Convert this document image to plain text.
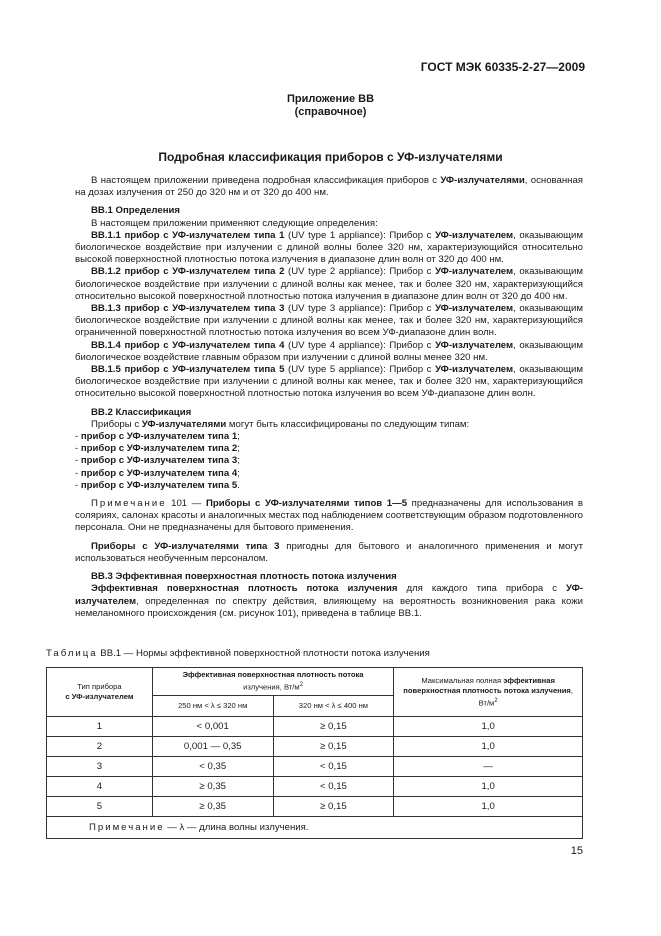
ГОСТ МЭК 60335-2-27—2009
Приложение ВВ
(справочное)
Подробная классификация приборов с УФ-излучателями

В настоящем приложении приведена подробная классификация приборов с УФ-излучателями, основанная на дозах излучения от 250 до 320 нм и от 320 до 400 нм.

ВВ.1 Определения

В настоящем приложении применяют следующие определения:

ВВ.1.1 прибор с УФ-излучателем типа 1 (UV type 1 appliance): Прибор с УФ-излучателем, оказывающим биологическое воздействие при излучении с длиной волны более 320 нм, характеризующийся относительно высокой поверхностной плотностью потока излучения в диапазоне длин волн от 320 до 400 нм.

ВВ.1.2 прибор с УФ-излучателем типа 2 (UV type 2 appliance): Прибор с УФ-излучателем, оказывающим биологическое воздействие при излучении с длиной волны как менее, так и более 320 нм, характеризующийся относительно высокой поверхностной плотностью потока излучения в диапазоне длин волн от 320 до 400 нм.

ВВ.1.3 прибор с УФ-излучателем типа 3 (UV type 3 appliance): Прибор с УФ-излучателем, оказывающим биологическое воздействие при излучении с длиной волны как менее, так и более 320 нм, характеризующийся ограниченной поверхностной плотностью потока излучения во всем УФ-диапазоне длин волн.

ВВ.1.4 прибор с УФ-излучателем типа 4 (UV type 4 appliance): Прибор с УФ-излучателем, оказывающим биологическое воздействие главным образом при излучении с длиной волны менее 320 нм.

ВВ.1.5 прибор с УФ-излучателем типа 5 (UV type 5 appliance): Прибор с УФ-излучателем, оказывающим биологическое воздействие при излучении с длиной волны как менее, так и более 320 нм, характеризующийся относительно высокой поверхностной плотностью потока излучения во всем УФ-диапазоне длин волн.

ВВ.2 Классификация

Приборы с УФ-излучателями могут быть классифицированы по следующим типам:

- прибор с УФ-излучателем типа 1;

- прибор с УФ-излучателем типа 2;

- прибор с УФ-излучателем типа 3;

- прибор с УФ-излучателем типа 4;

- прибор с УФ-излучателем типа 5.

Примечание 101 — Приборы с УФ-излучателями типов 1—5 предназначены для использования в соляриях, салонах красоты и аналогичных местах под наблюдением соответствующим образом подготовленного персонала. Они не предназначены для бытового применения.

Приборы с УФ-излучателями типа 3 пригодны для бытового и аналогичного применения и могут использоваться необученным персоналом.

ВВ.3 Эффективная поверхностная плотность потока излучения

Эффективная поверхностная плотность потока излучения для каждого типа прибора с УФ-излучателем, определенная по спектру действия, влияющему на вероятность возникновения рака кожи немеланомного происхождения (см. рисунок 101), приведена в таблице ВВ.1.

Таблица ВВ.1 — Нормы эффективной поверхностной плотности потока излучения
Тип прибора
с УФ-излучателем	Эффективная поверхностная плотность потока
излучения, $Вт/м^2$		Максимальная полная эффективная поверхностная плотность потока излучения, $Вт/м^2$
	250 нм < λ ≤ 320 нм	320 нм < λ ≤ 400 нм	
1	< 0,001	≥ 0,15	1,0
2	0,001 — 0,35	≥ 0,15	1,0
3	< 0,35	< 0,15	—
4	≥ 0,35	< 0,15	1,0
5	≥ 0,35	≥ 0,15	1,0
Примечание — λ — длина волны излучения.			
15
